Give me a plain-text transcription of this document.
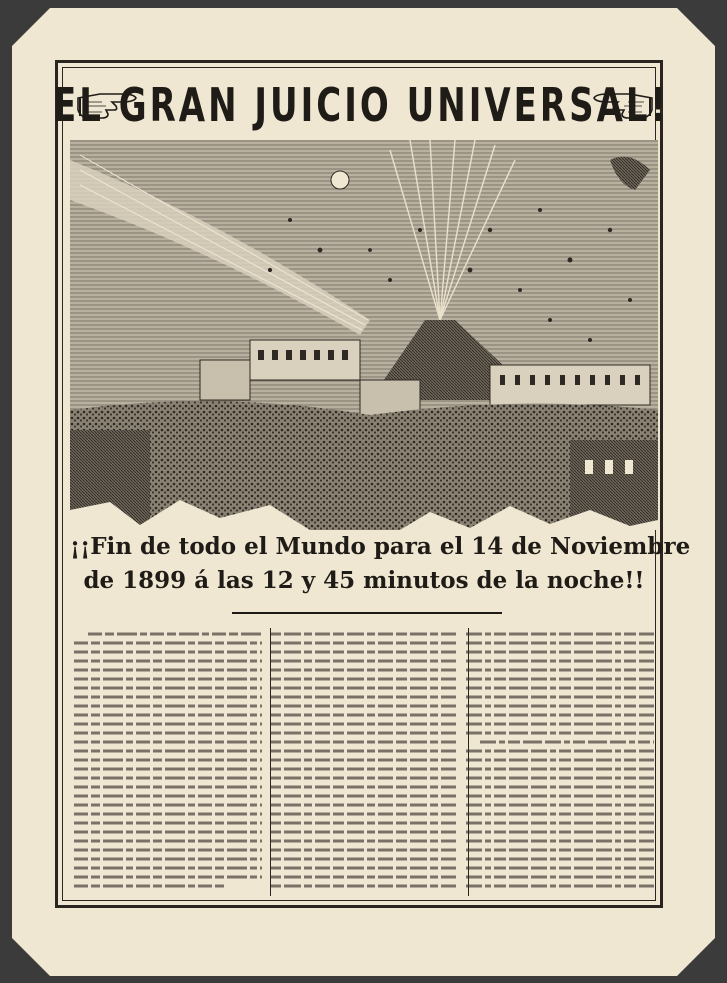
EL GRAN JUICIO UNIVERSAL!
¡¡Fin de todo el Mundo para el 14 de Noviembre
de 1899 á las 12 y 45 minutos de la noche!!
